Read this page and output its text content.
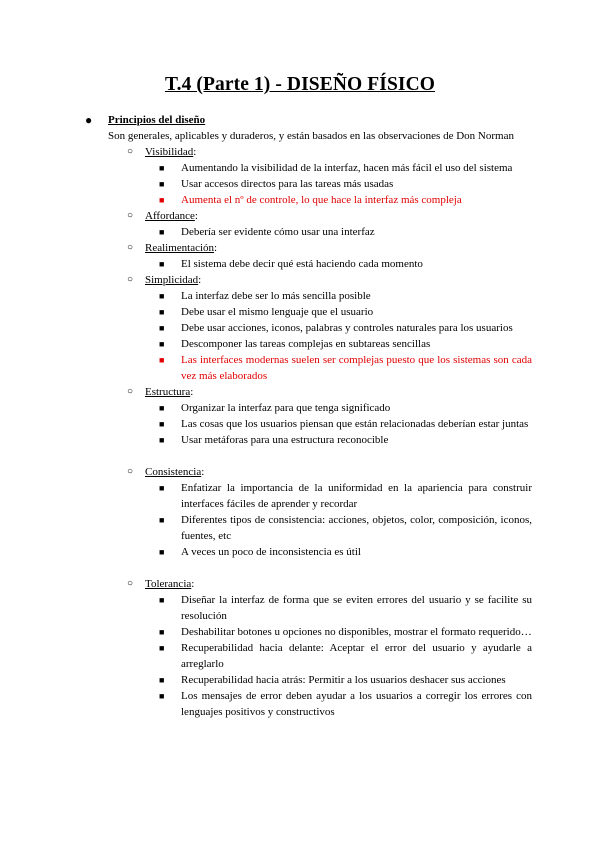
T.4 (Parte 1) - DISEÑO FÍSICO
● Principios del diseño
Son generales, aplicables y duraderos, y están basados en las observaciones de Don Norman
○ Visibilidad:
■ Aumentando la visibilidad de la interfaz, hacen más fácil el uso del sistema
■ Usar accesos directos para las tareas más usadas
■ Aumenta el nº de controle, lo que hace la interfaz más compleja
○ Affordance:
■ Debería ser evidente cómo usar una interfaz
○ Realimentación:
■ El sistema debe decir qué está haciendo cada momento
○ Simplicidad:
■ La interfaz debe ser lo más sencilla posible
■ Debe usar el mismo lenguaje que el usuario
■ Debe usar acciones, iconos, palabras y controles naturales para los usuarios
■ Descomponer las tareas complejas en subtareas sencillas
■ Las interfaces modernas suelen ser complejas puesto que los sistemas son cada vez más elaborados
○ Estructura:
■ Organizar la interfaz para que tenga significado
■ Las cosas que los usuarios piensan que están relacionadas deberían estar juntas
■ Usar metáforas para una estructura reconocible
○ Consistencia:
■ Enfatizar la importancia de la uniformidad en la apariencia para construir interfaces fáciles de aprender y recordar
■ Diferentes tipos de consistencia: acciones, objetos, color, composición, iconos, fuentes, etc
■ A veces un poco de inconsistencia es útil
○ Tolerancia:
■ Diseñar la interfaz de forma que se eviten errores del usuario y se facilite su resolución
■ Deshabilitar botones u opciones no disponibles, mostrar el formato requerido…
■ Recuperabilidad hacia delante: Aceptar el error del usuario y ayudarle a arreglarlo
■ Recuperabilidad hacia atrás: Permitir a los usuarios deshacer sus acciones
■ Los mensajes de error deben ayudar a los usuarios a corregir los errores con lenguajes positivos y constructivos
